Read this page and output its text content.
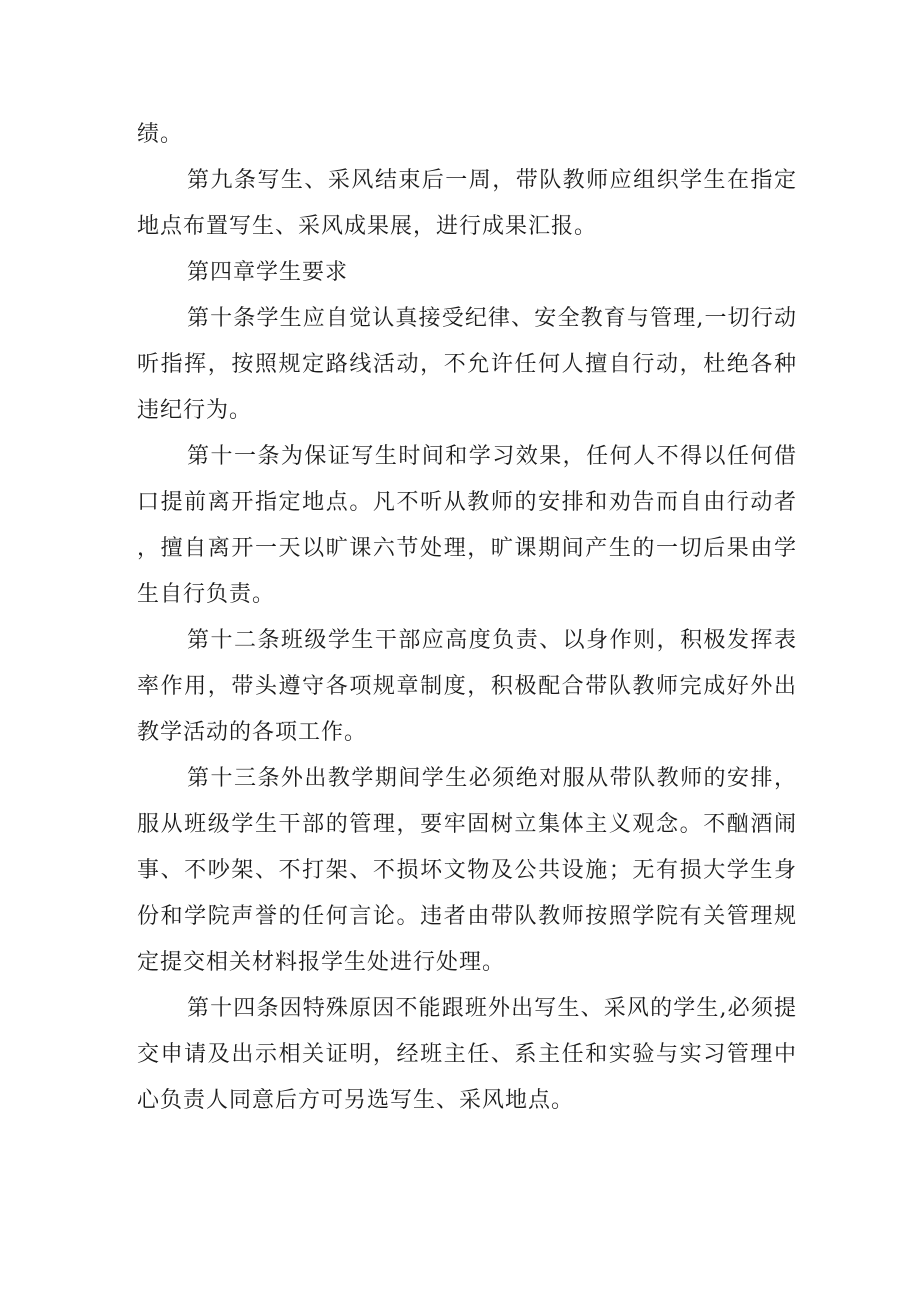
绩。

第九条写生、采风结束后一周，带队教师应组织学生在指定地点布置写生、采风成果展，进行成果汇报。

第四章学生要求

第十条学生应自觉认真接受纪律、安全教育与管理,一切行动听指挥，按照规定路线活动，不允许任何人擅自行动，杜绝各种违纪行为。

第十一条为保证写生时间和学习效果，任何人不得以任何借口提前离开指定地点。凡不听从教师的安排和劝告而自由行动者，擅自离开一天以旷课六节处理，旷课期间产生的一切后果由学生自行负责。

第十二条班级学生干部应高度负责、以身作则，积极发挥表率作用，带头遵守各项规章制度，积极配合带队教师完成好外出教学活动的各项工作。

第十三条外出教学期间学生必须绝对服从带队教师的安排，服从班级学生干部的管理，要牢固树立集体主义观念。不酗酒闹事、不吵架、不打架、不损坏文物及公共设施；无有损大学生身份和学院声誉的任何言论。违者由带队教师按照学院有关管理规定提交相关材料报学生处进行处理。

第十四条因特殊原因不能跟班外出写生、采风的学生,必须提交申请及出示相关证明，经班主任、系主任和实验与实习管理中心负责人同意后方可另选写生、采风地点。
